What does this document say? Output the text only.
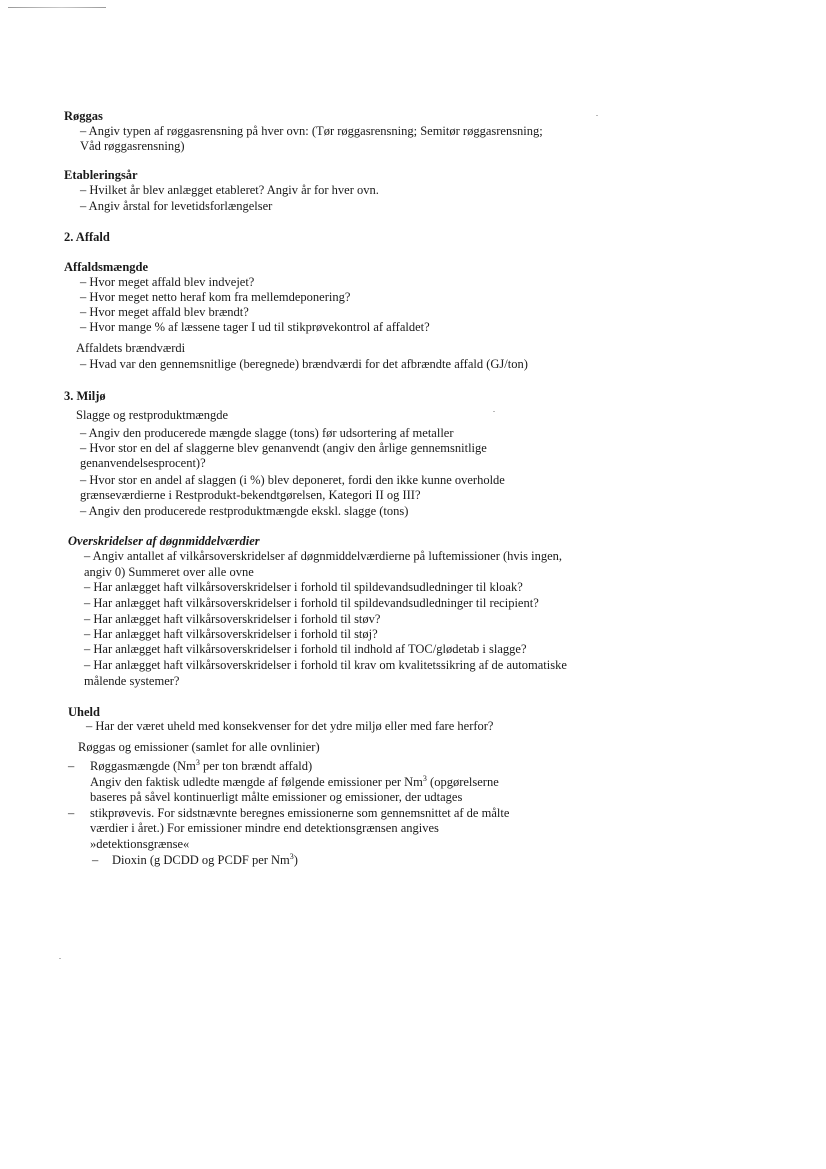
Røggas
– Angiv typen af røggasrensning på hver ovn: (Tør røggasrensning; Semitør røggasrensning;
Våd røggasrensning)
Etableringsår
– Hvilket år blev anlægget etableret? Angiv år for hver ovn.
– Angiv årstal for levetidsforlængelser
2. Affald
Affaldsmængde
– Hvor meget affald blev indvejet?
– Hvor meget netto heraf kom fra mellemdeponering?
– Hvor meget affald blev brændt?
– Hvor mange % af læssene tager I ud til stikprøvekontrol af affaldet?
Affaldets brændværdi
– Hvad var den gennemsnitlige (beregnede) brændværdi for det afbrændte affald (GJ/ton)
3. Miljø
Slagge og restproduktmængde
– Angiv den producerede mængde slagge (tons) før udsortering af metaller
– Hvor stor en del af slaggerne blev genanvendt (angiv den årlige gennemsnitlige
genanvendelsesprocent)?
– Hvor stor en andel af slaggen (i %) blev deponeret, fordi den ikke kunne overholde
grænseværdierne i Restprodukt-bekendtgørelsen, Kategori II og III?
– Angiv den producerede restproduktmængde ekskl. slagge (tons)
Overskridelser af døgnmiddelværdier
– Angiv antallet af vilkårsoverskridelser af døgnmiddelværdierne på luftemissioner (hvis ingen,
angiv 0) Summeret over alle ovne
– Har anlægget haft vilkårsoverskridelser i forhold til spildevandsudledninger til kloak?
– Har anlægget haft vilkårsoverskridelser i forhold til spildevandsudledninger til recipient?
– Har anlægget haft vilkårsoverskridelser i forhold til støv?
– Har anlægget haft vilkårsoverskridelser i forhold til støj?
– Har anlægget haft vilkårsoverskridelser i forhold til indhold af TOC/glødetab i slagge?
– Har anlægget haft vilkårsoverskridelser i forhold til krav om kvalitetssikring af de automatiske
målende systemer?
Uheld
– Har der været uheld med konsekvenser for det ydre miljø eller med fare herfor?
Røggas og emissioner (samlet for alle ovnlinier)
– Røggasmængde (Nm$^3$ per ton brændt affald)
Angiv den faktisk udledte mængde af følgende emissioner per Nm$^3$ (opgørelserne
baseres på såvel kontinuerligt målte emissioner og emissioner, der udtages
– stikprøvevis. For sidstnævnte beregnes emissionerne som gennemsnittet af de målte
værdier i året.) For emissioner mindre end detektionsgrænsen angives
»detektionsgrænse«
– Dioxin (g DCDD og PCDF per Nm$^3$)
